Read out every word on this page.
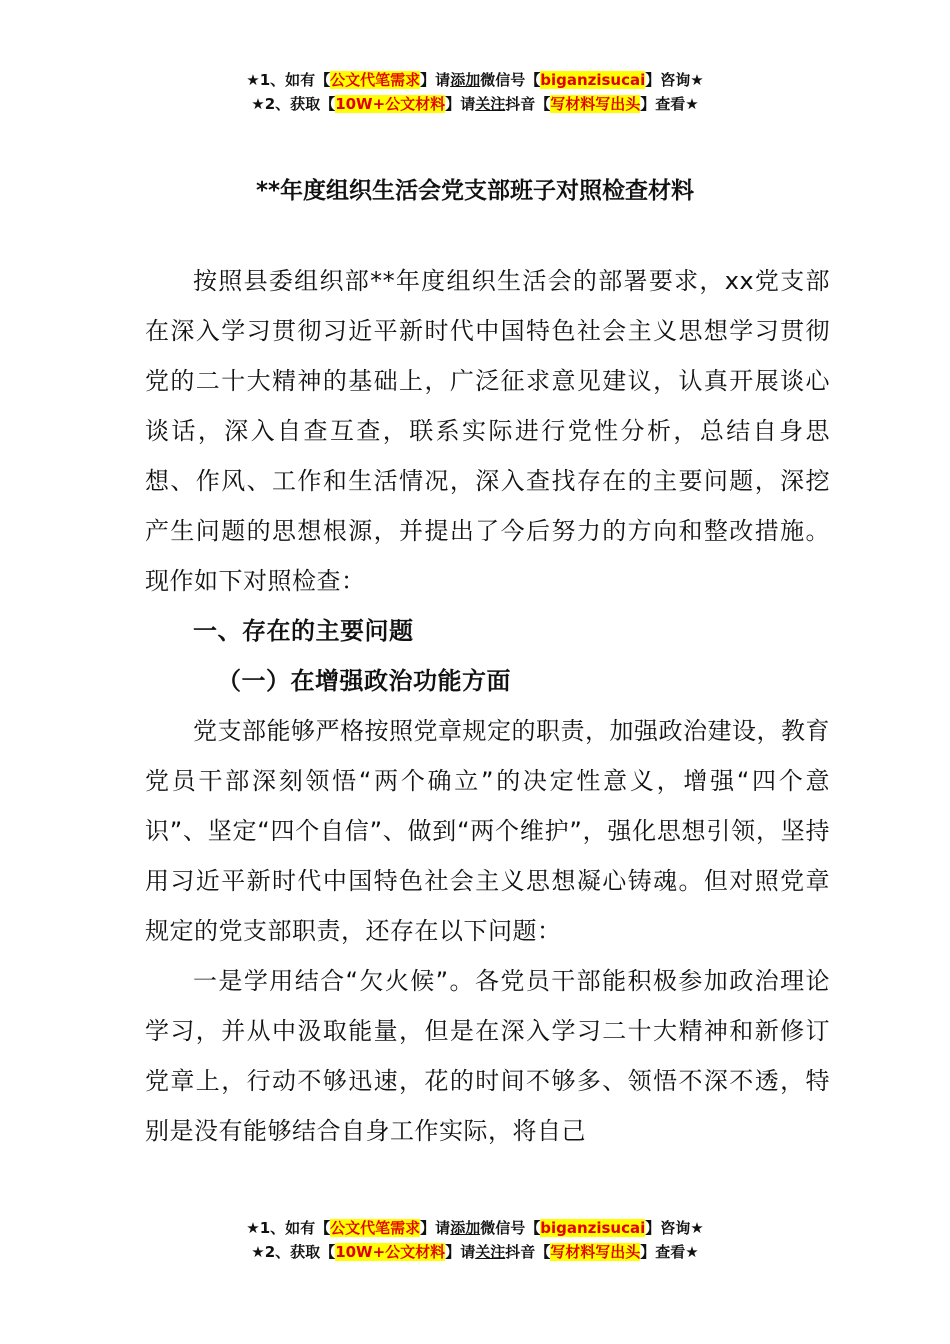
★1、如有【公文代笔需求】请添加微信号【biganzisucai】咨询★
★2、获取【10W+公文材料】请关注抖音【写材料写出头】查看★
**年度组织生活会党支部班子对照检查材料

按照县委组织部**年度组织生活会的部署要求，xx党支部在深入学习贯彻习近平新时代中国特色社会主义思想学习贯彻党的二十大精神的基础上，广泛征求意见建议，认真开展谈心谈话，深入自查互查，联系实际进行党性分析，总结自身思想、作风、工作和生活情况，深入查找存在的主要问题，深挖产生问题的思想根源，并提出了今后努力的方向和整改措施。现作如下对照检查：

一、存在的主要问题

（一）在增强政治功能方面

党支部能够严格按照党章规定的职责，加强政治建设，教育党员干部深刻领悟“两个确立”的决定性意义，增强“四个意识”、坚定“四个自信”、做到“两个维护”，强化思想引领，坚持用习近平新时代中国特色社会主义思想凝心铸魂。但对照党章规定的党支部职责，还存在以下问题：

一是学用结合“欠火候”。各党员干部能积极参加政治理论学习，并从中汲取能量，但是在深入学习二十大精神和新修订党章上，行动不够迅速，花的时间不够多、领悟不深不透，特别是没有能够结合自身工作实际，将自己

★1、如有【公文代笔需求】请添加微信号【biganzisucai】咨询★
★2、获取【10W+公文材料】请关注抖音【写材料写出头】查看★
